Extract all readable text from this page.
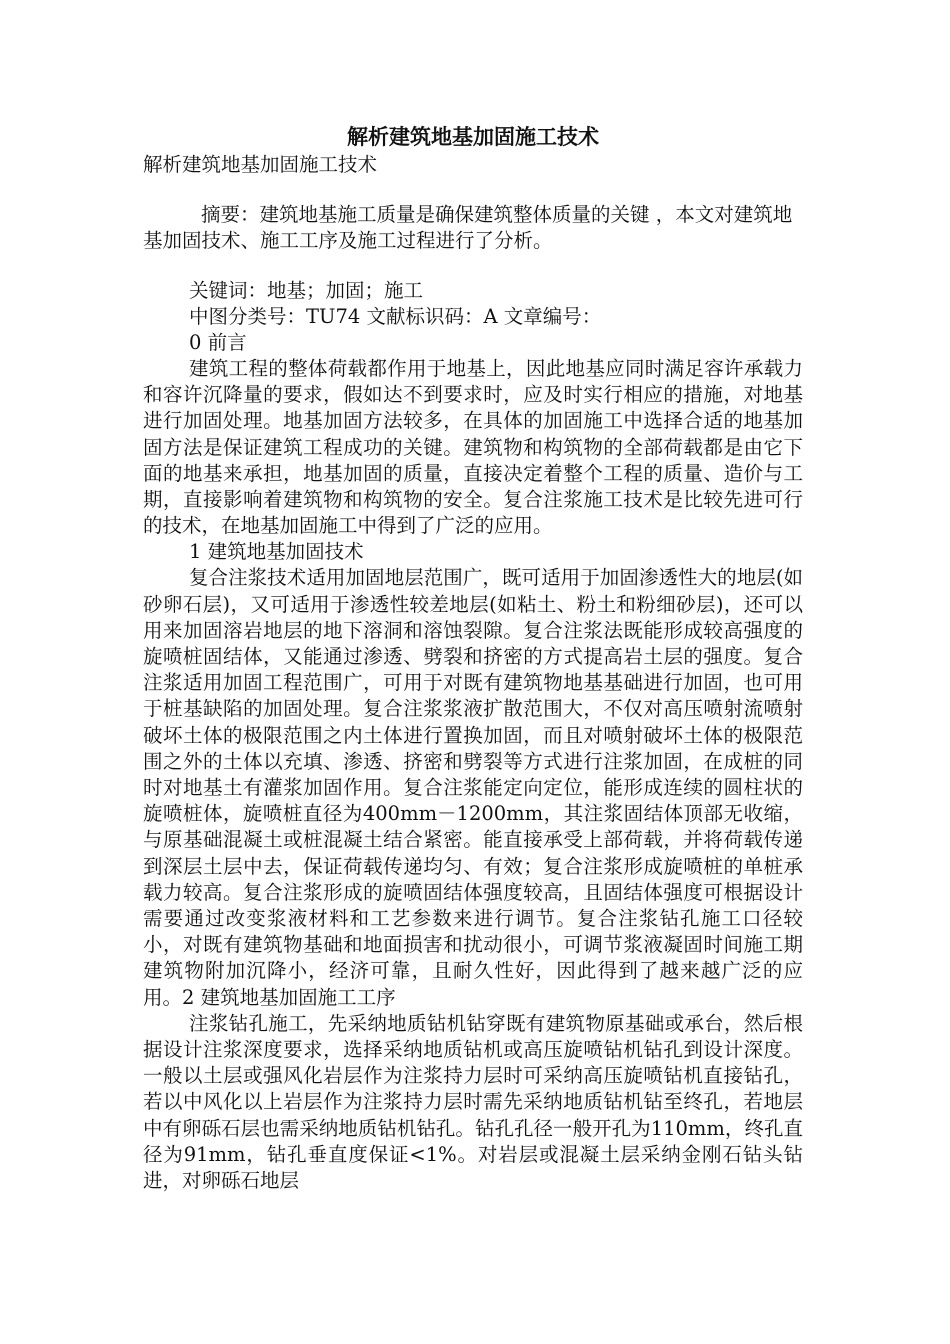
解析建筑地基加固施工技术

解析建筑地基加固施工技术

摘要：建筑地基施工质量是确保建筑整体质量的关键 ，本文对建筑地基加固技术、施工工序及施工过程进行了分析。

关键词：地基；加固；施工

中图分类号：TU74 文献标识码：A 文章编号：

0 前言

建筑工程的整体荷载都作用于地基上，因此地基应同时满足容许承载力和容许沉降量的要求，假如达不到要求时，应及时实行相应的措施，对地基进行加固处理。地基加固方法较多，在具体的加固施工中选择合适的地基加固方法是保证建筑工程成功的关键。建筑物和构筑物的全部荷载都是由它下面的地基来承担，地基加固的质量，直接决定着整个工程的质量、造价与工期，直接影响着建筑物和构筑物的安全。复合注浆施工技术是比较先进可行的技术，在地基加固施工中得到了广泛的应用。

1 建筑地基加固技术

复合注浆技术适用加固地层范围广，既可适用于加固渗透性大的地层(如砂卵石层)，又可适用于渗透性较差地层(如粘土、粉土和粉细砂层)，还可以用来加固溶岩地层的地下溶洞和溶蚀裂隙。复合注浆法既能形成较高强度的旋喷桩固结体，又能通过渗透、劈裂和挤密的方式提高岩土层的强度。复合注浆适用加固工程范围广，可用于对既有建筑物地基基础进行加固，也可用于桩基缺陷的加固处理。复合注浆浆液扩散范围大，不仅对高压喷射流喷射破坏土体的极限范围之内土体进行置换加固，而且对喷射破坏土体的极限范围之外的土体以充填、渗透、挤密和劈裂等方式进行注浆加固，在成桩的同时对地基土有灌浆加固作用。复合注浆能定向定位，能形成连续的圆柱状的旋喷桩体，旋喷桩直径为400mm－1200mm，其注浆固结体顶部无收缩，与原基础混凝土或桩混凝土结合紧密。能直接承受上部荷载，并将荷载传递到深层土层中去，保证荷载传递均匀、有效；复合注浆形成旋喷桩的单桩承载力较高。复合注浆形成的旋喷固结体强度较高，且固结体强度可根据设计需要通过改变浆液材料和工艺参数来进行调节。复合注浆钻孔施工口径较小，对既有建筑物基础和地面损害和扰动很小，可调节浆液凝固时间施工期建筑物附加沉降小，经济可靠，且耐久性好，因此得到了越来越广泛的应用。2 建筑地基加固施工工序

注浆钻孔施工，先采纳地质钻机钻穿既有建筑物原基础或承台，然后根据设计注浆深度要求，选择采纳地质钻机或高压旋喷钻机钻孔到设计深度。一般以土层或强风化岩层作为注浆持力层时可采纳高压旋喷钻机直接钻孔，若以中风化以上岩层作为注浆持力层时需先采纳地质钻机钻至终孔，若地层中有卵砾石层也需采纳地质钻机钻孔。钻孔孔径一般开孔为110mm，终孔直径为91mm，钻孔垂直度保证<1%。对岩层或混凝土层采纳金刚石钻头钻进，对卵砾石地层
